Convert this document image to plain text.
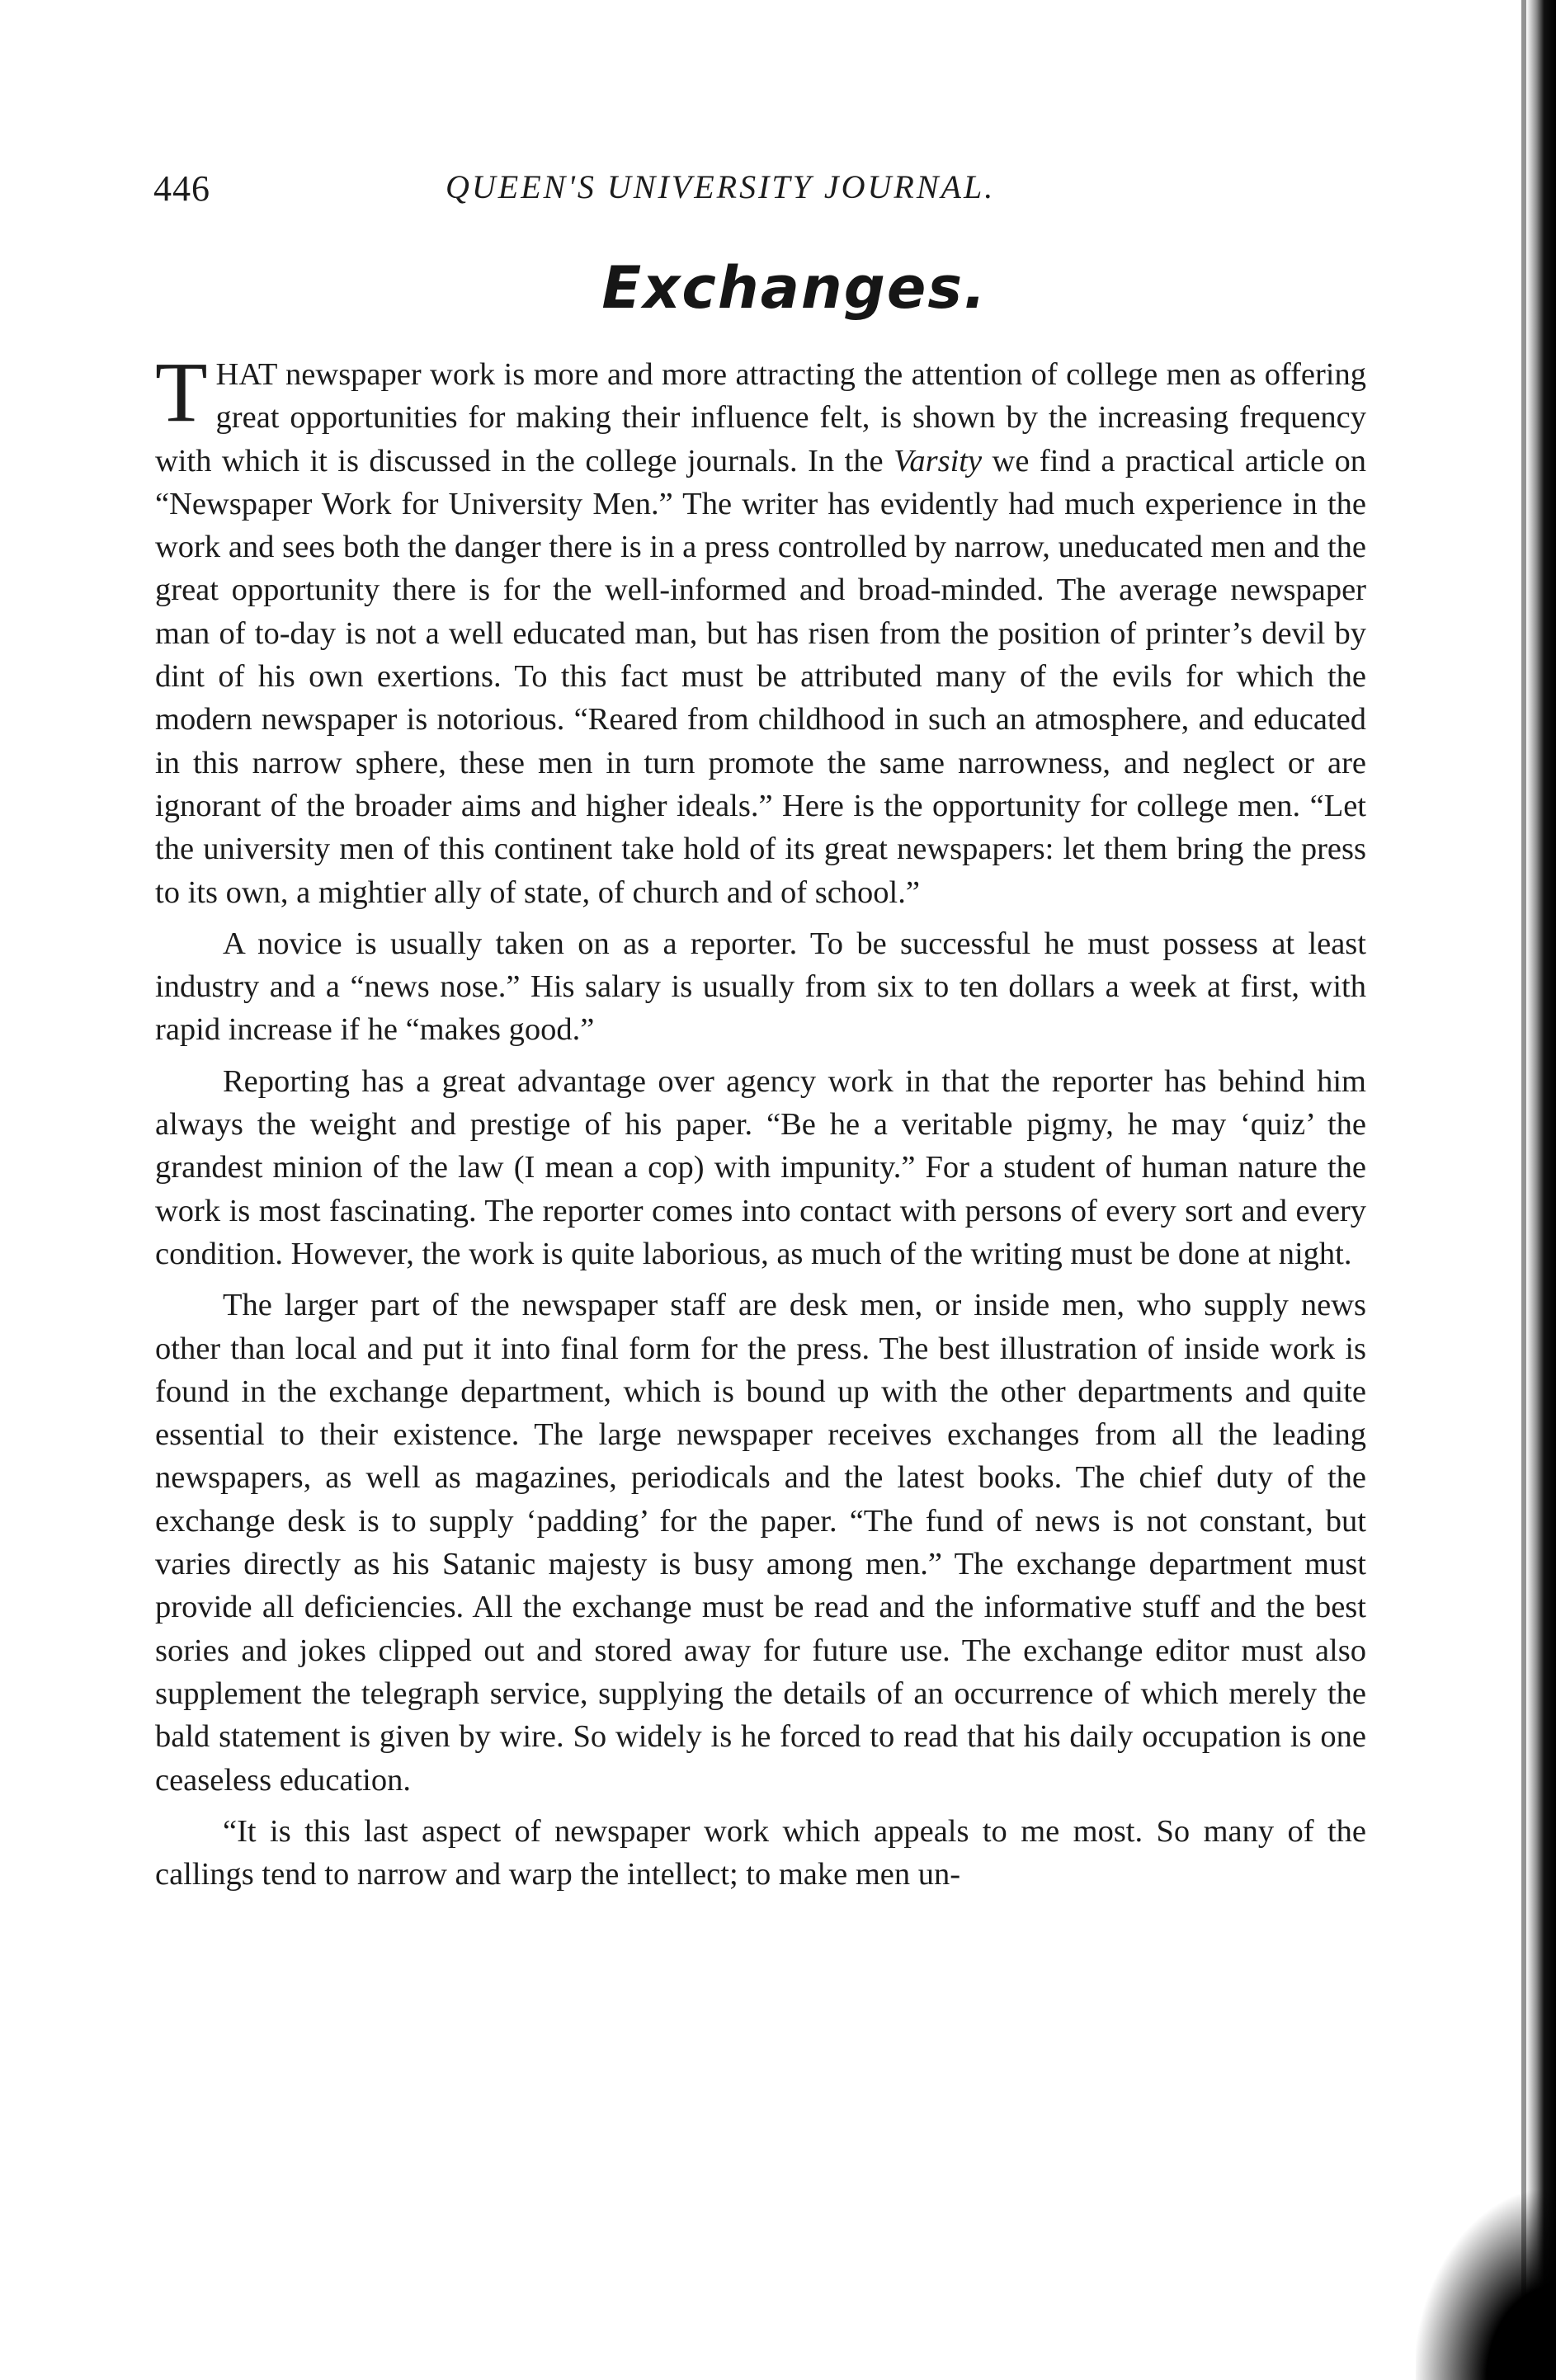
446	QUEEN'S UNIVERSITY JOURNAL.
Exchanges.

THAT newspaper work is more and more attracting the attention of college men as offering great opportunities for making their influence felt, is shown by the increasing frequency with which it is discussed in the college journals. In the Varsity we find a practical article on “Newspaper Work for University Men.” The writer has evidently had much experience in the work and sees both the danger there is in a press controlled by narrow, uneducated men and the great opportunity there is for the well-informed and broad-minded. The average newspaper man of to-day is not a well educated man, but has risen from the position of printer’s devil by dint of his own exertions. To this fact must be attributed many of the evils for which the modern newspaper is notorious. “Reared from childhood in such an atmosphere, and educated in this narrow sphere, these men in turn promote the same narrowness, and neglect or are ignorant of the broader aims and higher ideals.” Here is the opportunity for college men. “Let the university men of this continent take hold of its great newspapers: let them bring the press to its own, a mightier ally of state, of church and of school.”

A novice is usually taken on as a reporter. To be successful he must possess at least industry and a “news nose.” His salary is usually from six to ten dollars a week at first, with rapid increase if he “makes good.”

Reporting has a great advantage over agency work in that the reporter has behind him always the weight and prestige of his paper. “Be he a veritable pigmy, he may ‘quiz’ the grandest minion of the law (I mean a cop) with impunity.” For a student of human nature the work is most fascinating. The reporter comes into contact with persons of every sort and every condition. However, the work is quite laborious, as much of the writing must be done at night.

The larger part of the newspaper staff are desk men, or inside men, who supply news other than local and put it into final form for the press. The best illustration of inside work is found in the exchange department, which is bound up with the other departments and quite essential to their existence. The large newspaper receives exchanges from all the leading newspapers, as well as magazines, periodicals and the latest books. The chief duty of the exchange desk is to supply ‘padding’ for the paper. “The fund of news is not constant, but varies directly as his Satanic majesty is busy among men.” The exchange department must provide all deficiencies. All the exchange must be read and the informative stuff and the best sories and jokes clipped out and stored away for future use. The exchange editor must also supplement the telegraph service, supplying the details of an occurrence of which merely the bald statement is given by wire. So widely is he forced to read that his daily occupation is one ceaseless education.

“It is this last aspect of newspaper work which appeals to me most. So many of the callings tend to narrow and warp the intellect; to make men un-
